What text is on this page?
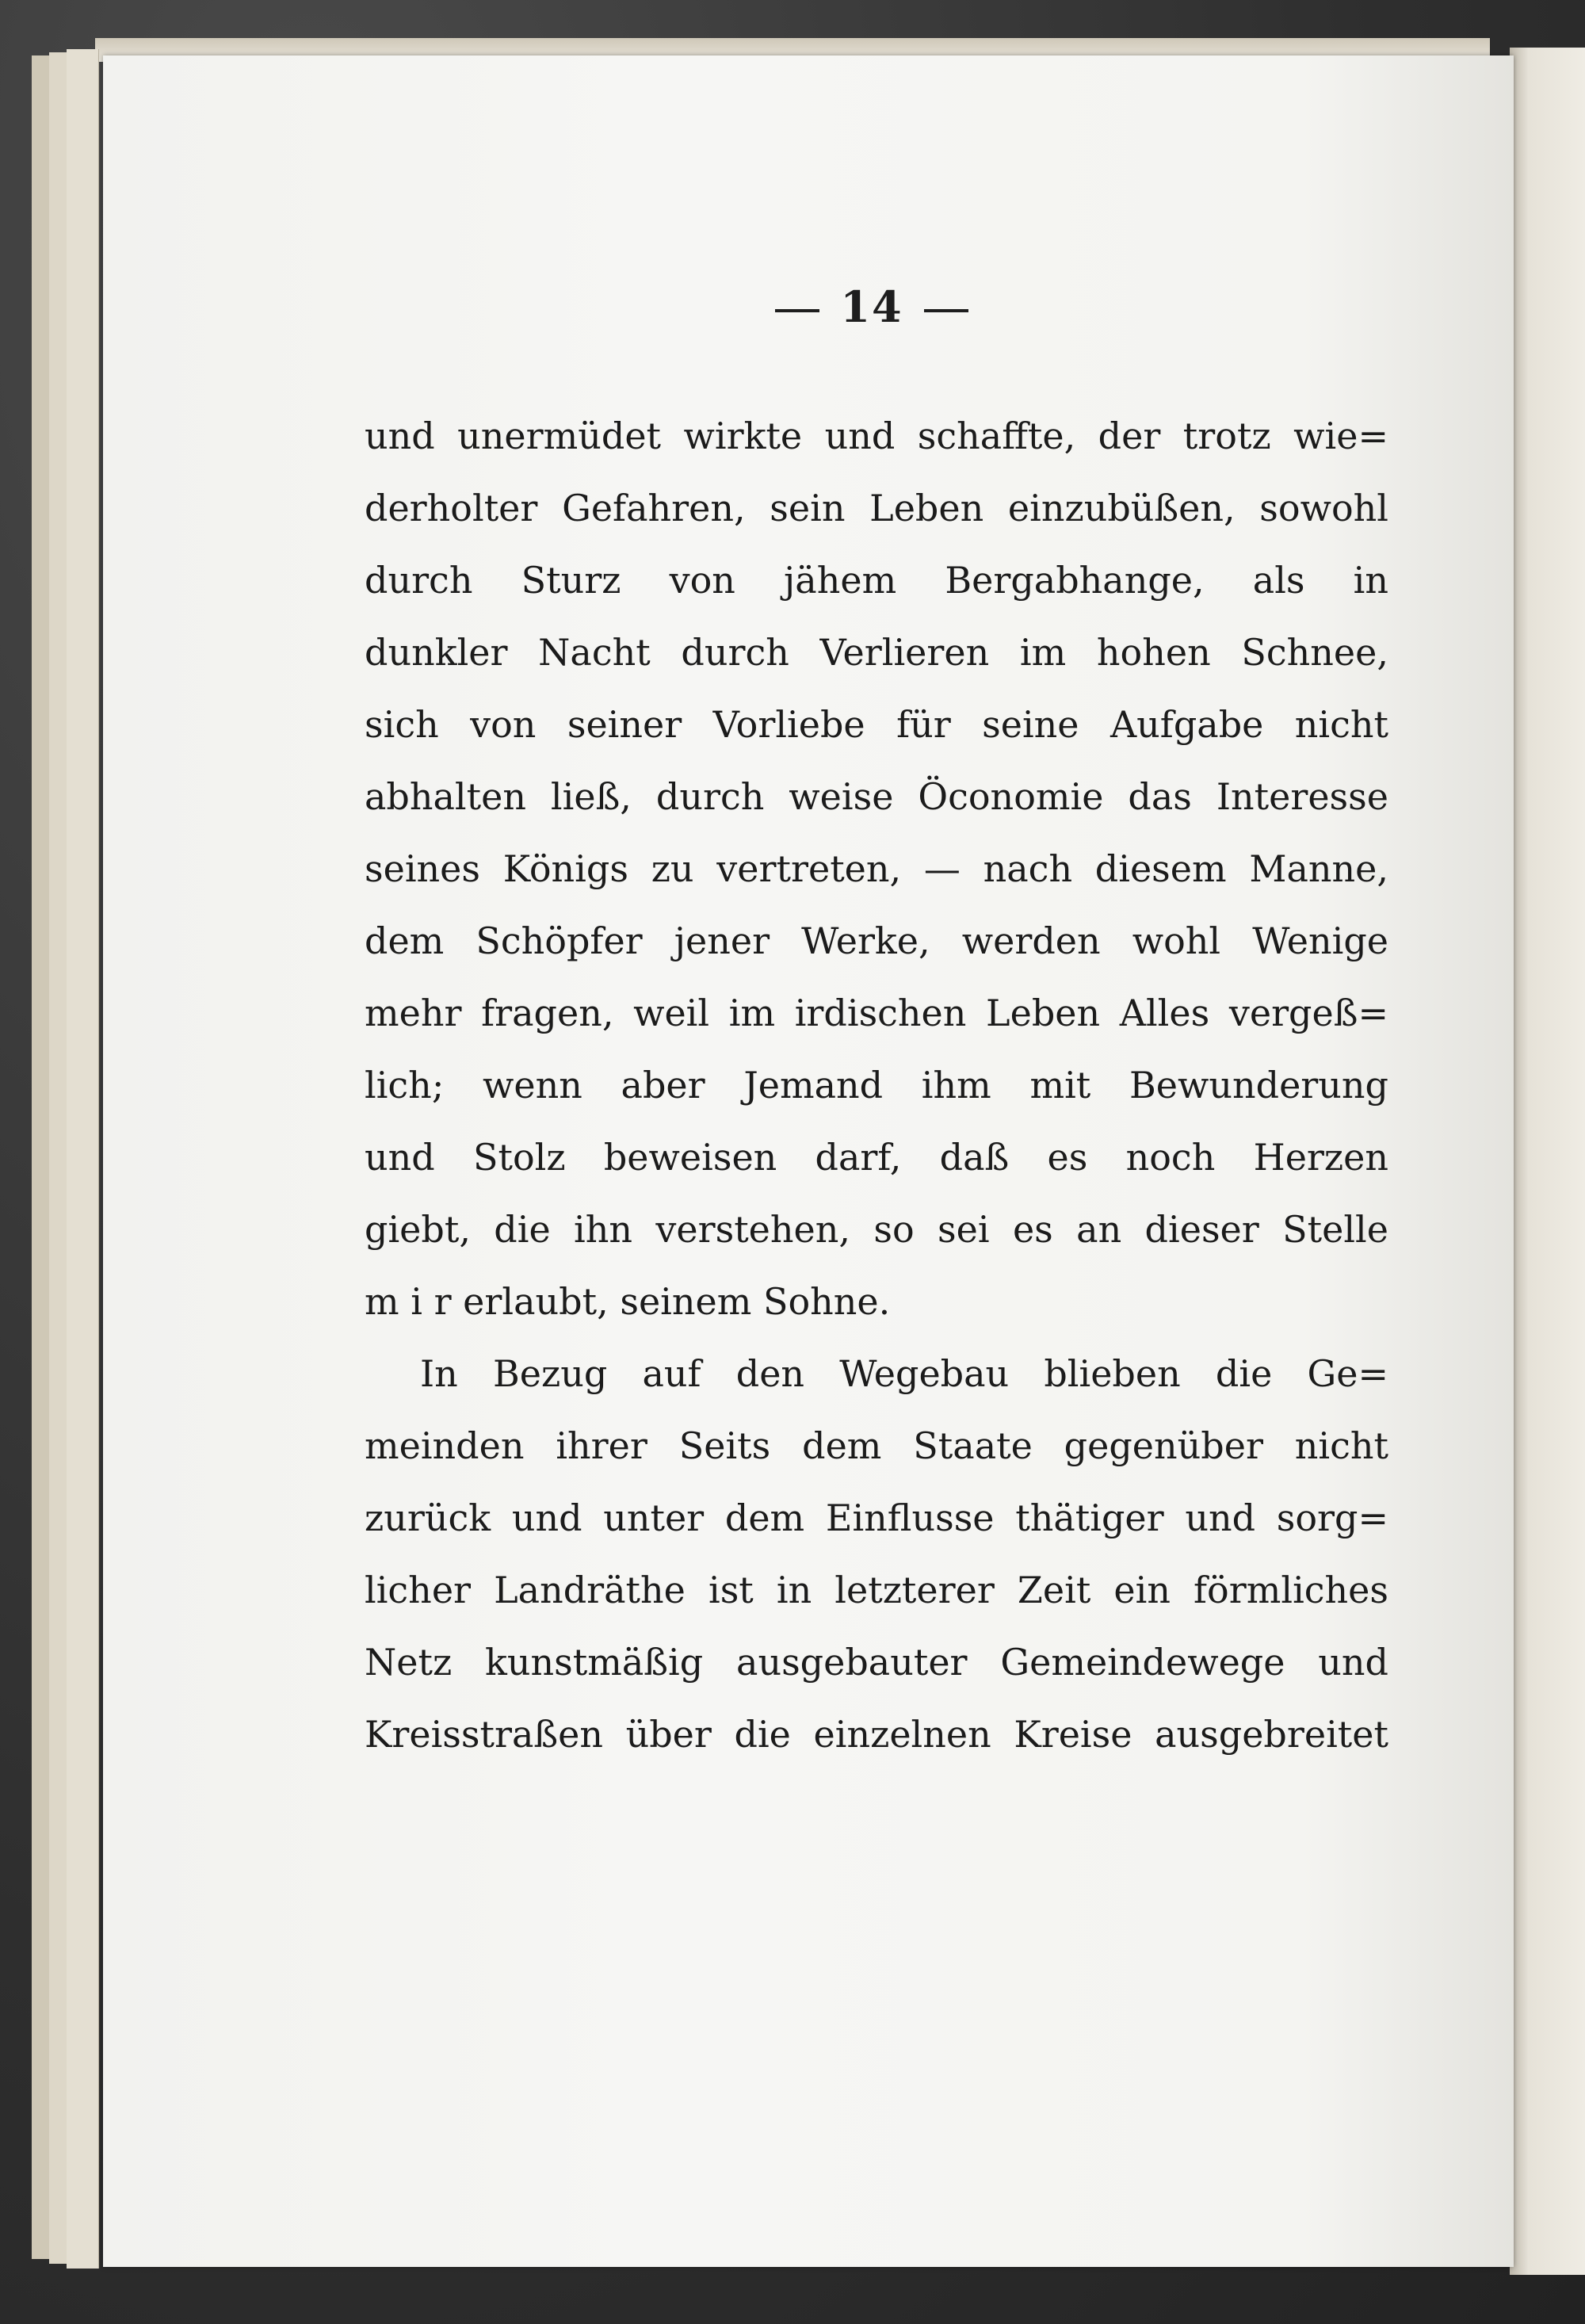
14
und unermüdet wirkte und schaffte, der trotz wie=
derholter Gefahren, sein Leben einzubüßen, sowohl
durch Sturz von jähem Bergabhange, als in
dunkler Nacht durch Verlieren im hohen Schnee,
sich von seiner Vorliebe für seine Aufgabe nicht
abhalten ließ, durch weise Öconomie das Interesse
seines Königs zu vertreten, — nach diesem Manne,
dem Schöpfer jener Werke, werden wohl Wenige
mehr fragen, weil im irdischen Leben Alles vergeß=
lich; wenn aber Jemand ihm mit Bewunderung
und Stolz beweisen darf, daß es noch Herzen
giebt, die ihn verstehen, so sei es an dieser Stelle
m i r erlaubt, seinem Sohne.
In Bezug auf den Wegebau blieben die Ge=
meinden ihrer Seits dem Staate gegenüber nicht
zurück und unter dem Einflusse thätiger und sorg=
licher Landräthe ist in letzterer Zeit ein förmliches
Netz kunstmäßig ausgebauter Gemeindewege und
Kreisstraßen über die einzelnen Kreise ausgebreitet
